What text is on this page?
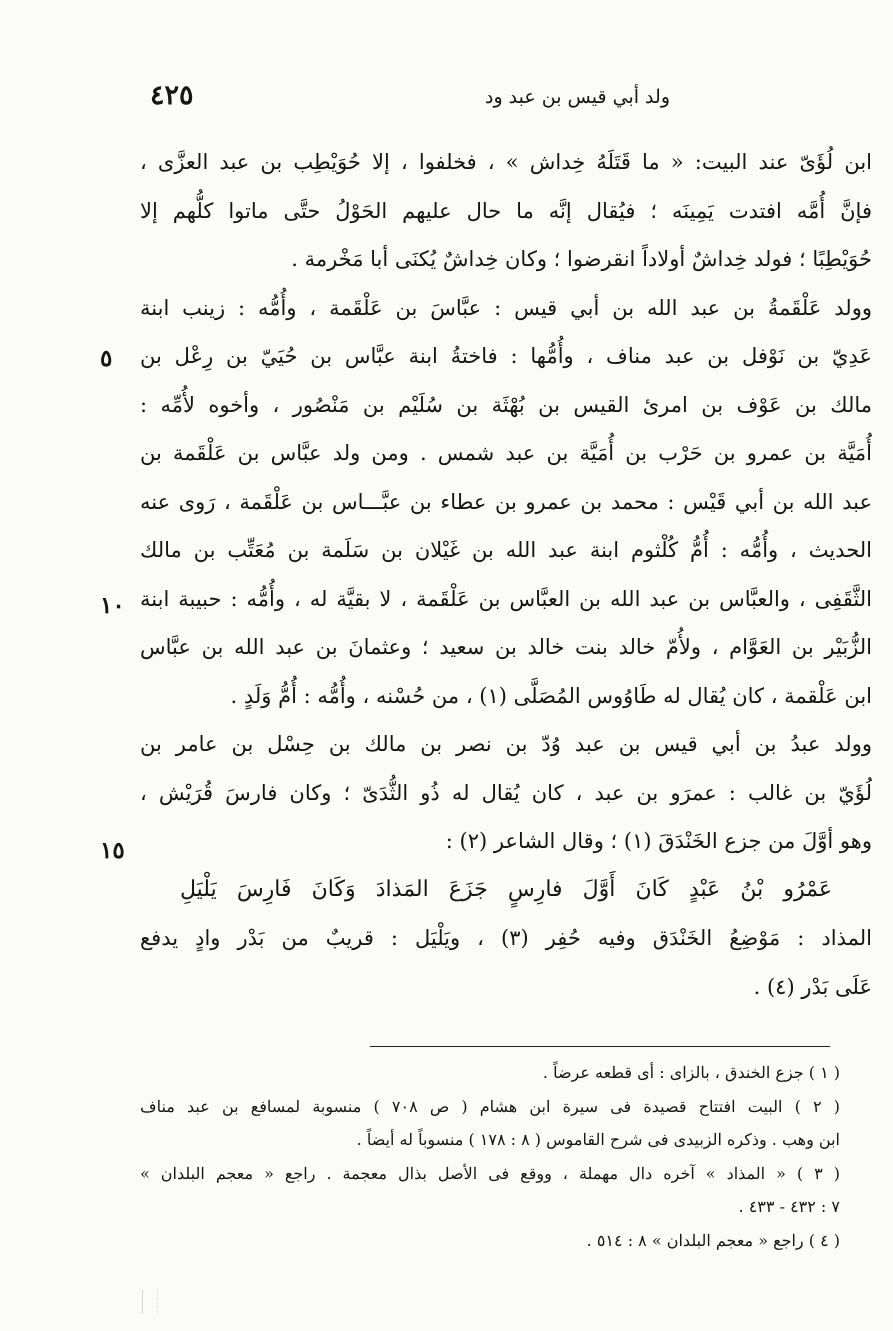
ولد أبي قيس بن عبد ود
٤٢٥
ابن لُؤَىّ عند البيت: « ما قَتَلَهُ خِداش » ، فخلفوا ، إلا حُوَيْطِب بن عبد العزَّى ،
فإنَّ أُمَّه افتدت يَمِينَه ؛ فيُقال إنَّه ما حال عليهم الحَوْلُ حتَّى ماتوا كلُّهم إلا
حُوَيْطِبًا ؛ فولد خِداشٌ أولاداً انقرضوا ؛ وكان خِداشٌ يُكنَى أبا مَخْرمة .
وولد عَلْقَمةُ بن عبد الله بن أبي قيس : عبَّاسَ بن عَلْقَمة ، وأُمُّه : زينب ابنة
عَدِيّ بن نَوْفل بن عبد مناف ، وأُمُّها : فاختةُ ابنة عبَّاس بن حُيَيّ بن رِعْل بن
مالك بن عَوْف بن امرئ القيس بن بُهْثَة بن سُلَيْم بن مَنْصُور ، وأخوه لأُمِّه :
أُمَيَّة بن عمرو بن حَرْب بن أُمَيَّة بن عبد شمس . ومن ولد عبَّاس بن عَلْقَمة بن
عبد الله بن أبي قَيْس : محمد بن عمرو بن عطاء بن عبَّـــاس بن عَلْقَمة ، رَوى عنه
الحديث ، وأُمُّه : أُمُّ كُلْثوم ابنة عبد الله بن غَيْلان بن سَلَمة بن مُعَتِّب بن مالك
الثَّقَفِى ، والعبَّاس بن عبد الله بن العبَّاس بن عَلْقَمة ، لا بقيَّة له ، وأُمُّه : حبيبة ابنة
الزُّبَيْر بن العَوَّام ، ولأُمّ خالد بنت خالد بن سعيد ؛ وعثمانَ بن عبد الله بن عبَّاس
ابن عَلْقمة ، كان يُقال له طَاوُوس المُصَلَّى (١) ، من حُسْنه ، وأُمُّه : أُمُّ وَلَدٍ .
وولد عبدُ بن أبي قيس بن عبد وُدّ بن نصر بن مالك بن حِسْل بن عامر بن
لُؤَيّ بن غالب : عمرَو بن عبد ، كان يُقال له ذُو الثُّدَىّ ؛ وكان فارسَ قُرَيْش ،
وهو أوَّلَ من جزع الخَنْدَقَ (١) ؛ وقال الشاعر (٢) :
عَمْرُو بْنُ عَبْدٍ كَانَ أَوَّلَ فارِسٍ جَزَعَ المَذادَ وَكَانَ فَارِسَ يَلْيَلِ
المذاد : مَوْضِعُ الخَنْدَق وفيه حُفِر (٣) ، ويَلْيَل : قريبٌ من بَدْر وادٍ يدفع
عَلَى بَدْر (٤) .
٥
١٠
١٥
( ١ ) جزع الخندق ، بالزاى : أى قطعه عرضاً .
( ٢ ) البيت افتتاح قصيدة فى سيرة ابن هشام ( ص ٧٠٨ ) منسوبة لمسافع بن عبد مناف
ابن وهب . وذكره الزبيدى فى شرح القاموس ( ٨ : ١٧٨ ) منسوباً له أيضاً .
( ٣ ) « المذاد » آخره دال مهملة ، ووقع فى الأصل بذال معجمة . راجع « معجم البلدان »
٧ : ٤٣٢ - ٤٣٣ .
( ٤ ) راجع « معجم البلدان » ٨ : ٥١٤ .
